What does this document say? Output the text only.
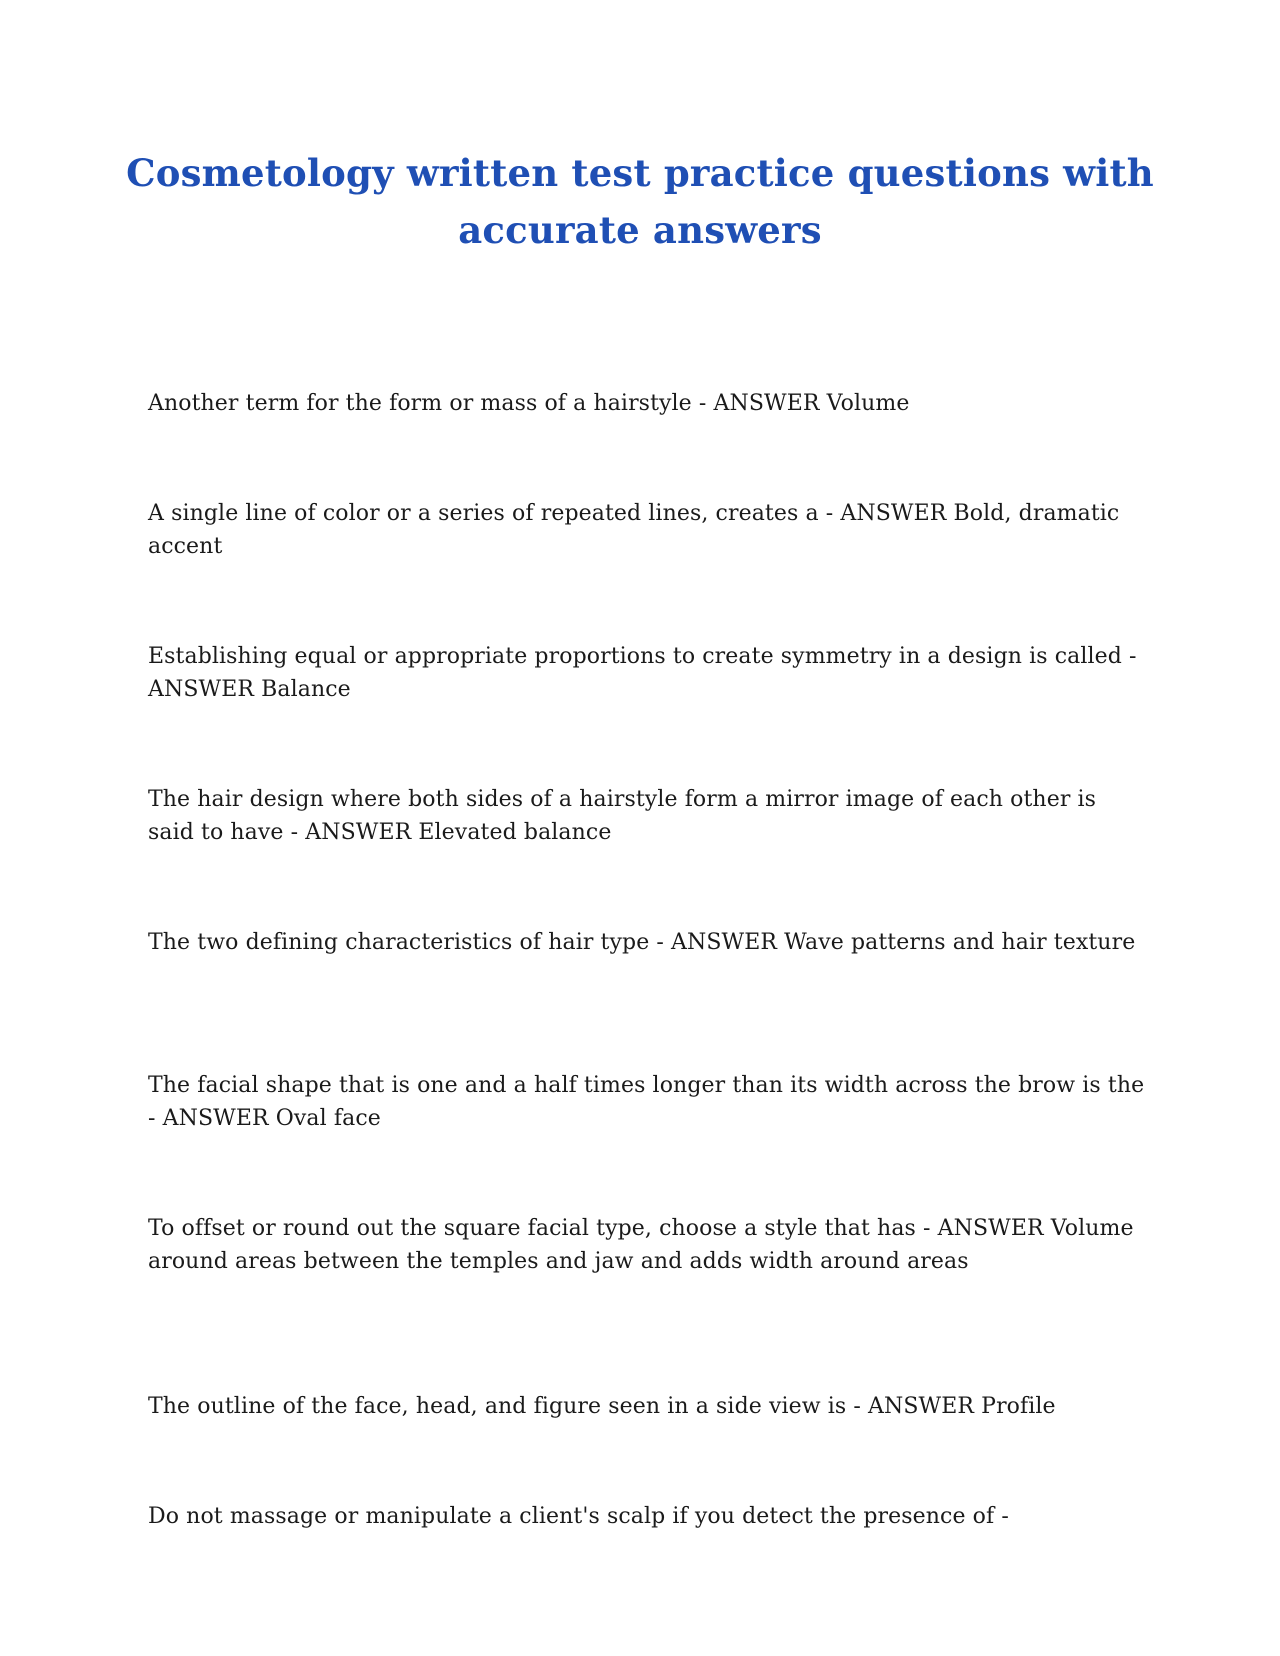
Cosmetology written test practice questions with accurate answers

Another term for the form or mass of a hairstyle - ANSWER Volume

A single line of color or a series of repeated lines, creates a - ANSWER Bold, dramatic accent

Establishing equal or appropriate proportions to create symmetry in a design is called - ANSWER Balance

The hair design where both sides of a hairstyle form a mirror image of each other is said to have - ANSWER Elevated balance

The two defining characteristics of hair type - ANSWER Wave patterns and hair texture

The facial shape that is one and a half times longer than its width across the brow is the - ANSWER Oval face

To offset or round out the square facial type, choose a style that has - ANSWER Volume around areas between the temples and jaw and adds width around areas

The outline of the face, head, and figure seen in a side view is - ANSWER Profile

Do not massage or manipulate a client's scalp if you detect the presence of -
